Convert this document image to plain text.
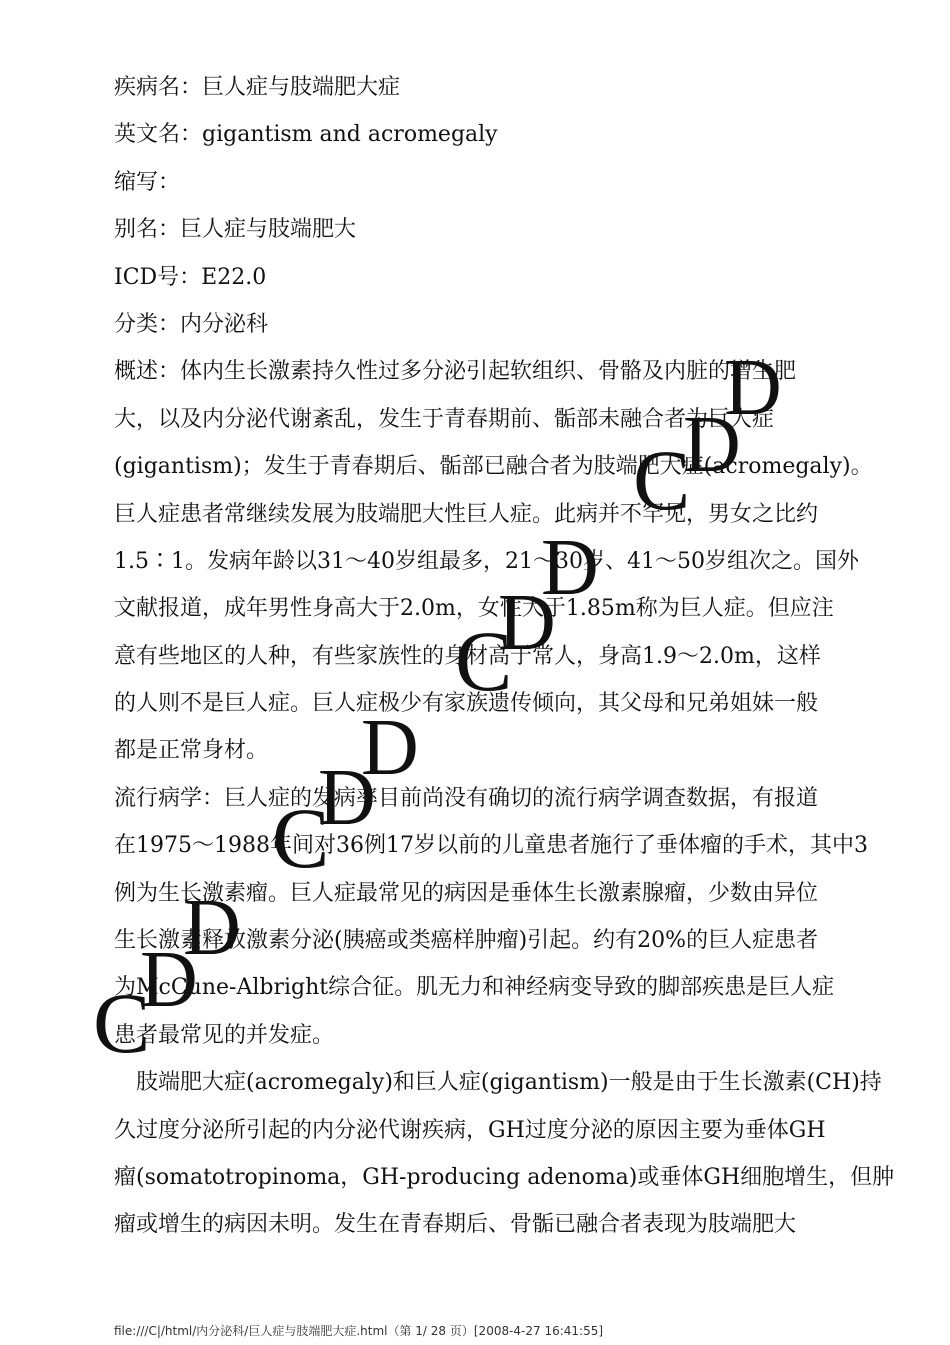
疾病名：巨人症与肢端肥大症
英文名：gigantism and acromegaly
缩写：
别名：巨人症与肢端肥大
ICD号：E22.0
分类：内分泌科
概述：体内生长激素持久性过多分泌引起软组织、骨骼及内脏的增生肥
大，以及内分泌代谢紊乱，发生于青春期前、骺部未融合者为巨人症
(gigantism)；发生于青春期后、骺部已融合者为肢端肥大症(acromegaly)。
巨人症患者常继续发展为肢端肥大性巨人症。此病并不罕见，男女之比约
1.5∶1。发病年龄以31～40岁组最多，21～30岁、41～50岁组次之。国外
文献报道，成年男性身高大于2.0m，女性大于1.85m称为巨人症。但应注
意有些地区的人种，有些家族性的身材高于常人，身高1.9～2.0m，这样
的人则不是巨人症。巨人症极少有家族遗传倾向，其父母和兄弟姐妹一般
都是正常身材。
流行病学：巨人症的发病率目前尚没有确切的流行病学调查数据，有报道
在1975～1988年间对36例17岁以前的儿童患者施行了垂体瘤的手术，其中3
例为生长激素瘤。巨人症最常见的病因是垂体生长激素腺瘤，少数由异位
生长激素释放激素分泌(胰癌或类癌样肿瘤)引起。约有20%的巨人症患者
为McCune-Albright综合征。肌无力和神经病变导致的脚部疾患是巨人症
患者最常见的并发症。
　肢端肥大症(acromegaly)和巨人症(gigantism)一般是由于生长激素(CH)持
久过度分泌所引起的内分泌代谢疾病，GH过度分泌的原因主要为垂体GH
瘤(somatotropinoma，GH-producing adenoma)或垂体GH细胞增生，但肿
瘤或增生的病因未明。发生在青春期后、骨骺已融合者表现为肢端肥大
C
D
D
C
D
D
C
D
D
C
D
D
file:///C|/html/内分泌科/巨人症与肢端肥大症.html（第 1/ 28 页）[2008-4-27 16:41:55]
